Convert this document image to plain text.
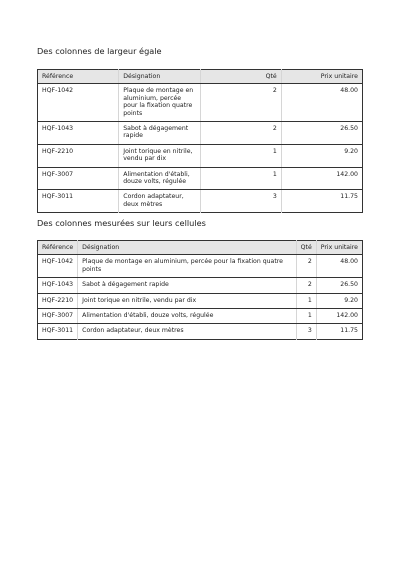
Des colonnes de largeur égale
Référence	Désignation	Qté	Prix unitaire
HQF-1042	Plaque de montage en aluminium, percée pour la fixation quatre points	2	48.00
HQF-1043	Sabot à dégagement rapide	2	26.50
HQF-2210	Joint torique en nitrile, vendu par dix	1	9.20
HQF-3007	Alimentation d'établi, douze volts, régulée	1	142.00
HQF-3011	Cordon adaptateur, deux mètres	3	11.75
Des colonnes mesurées sur leurs cellules
Référence	Désignation	Qté	Prix unitaire
HQF-1042	Plaque de montage en aluminium, percée pour la fixation quatre points	2	48.00
HQF-1043	Sabot à dégagement rapide	2	26.50
HQF-2210	Joint torique en nitrile, vendu par dix	1	9.20
HQF-3007	Alimentation d'établi, douze volts, régulée	1	142.00
HQF-3011	Cordon adaptateur, deux mètres	3	11.75
